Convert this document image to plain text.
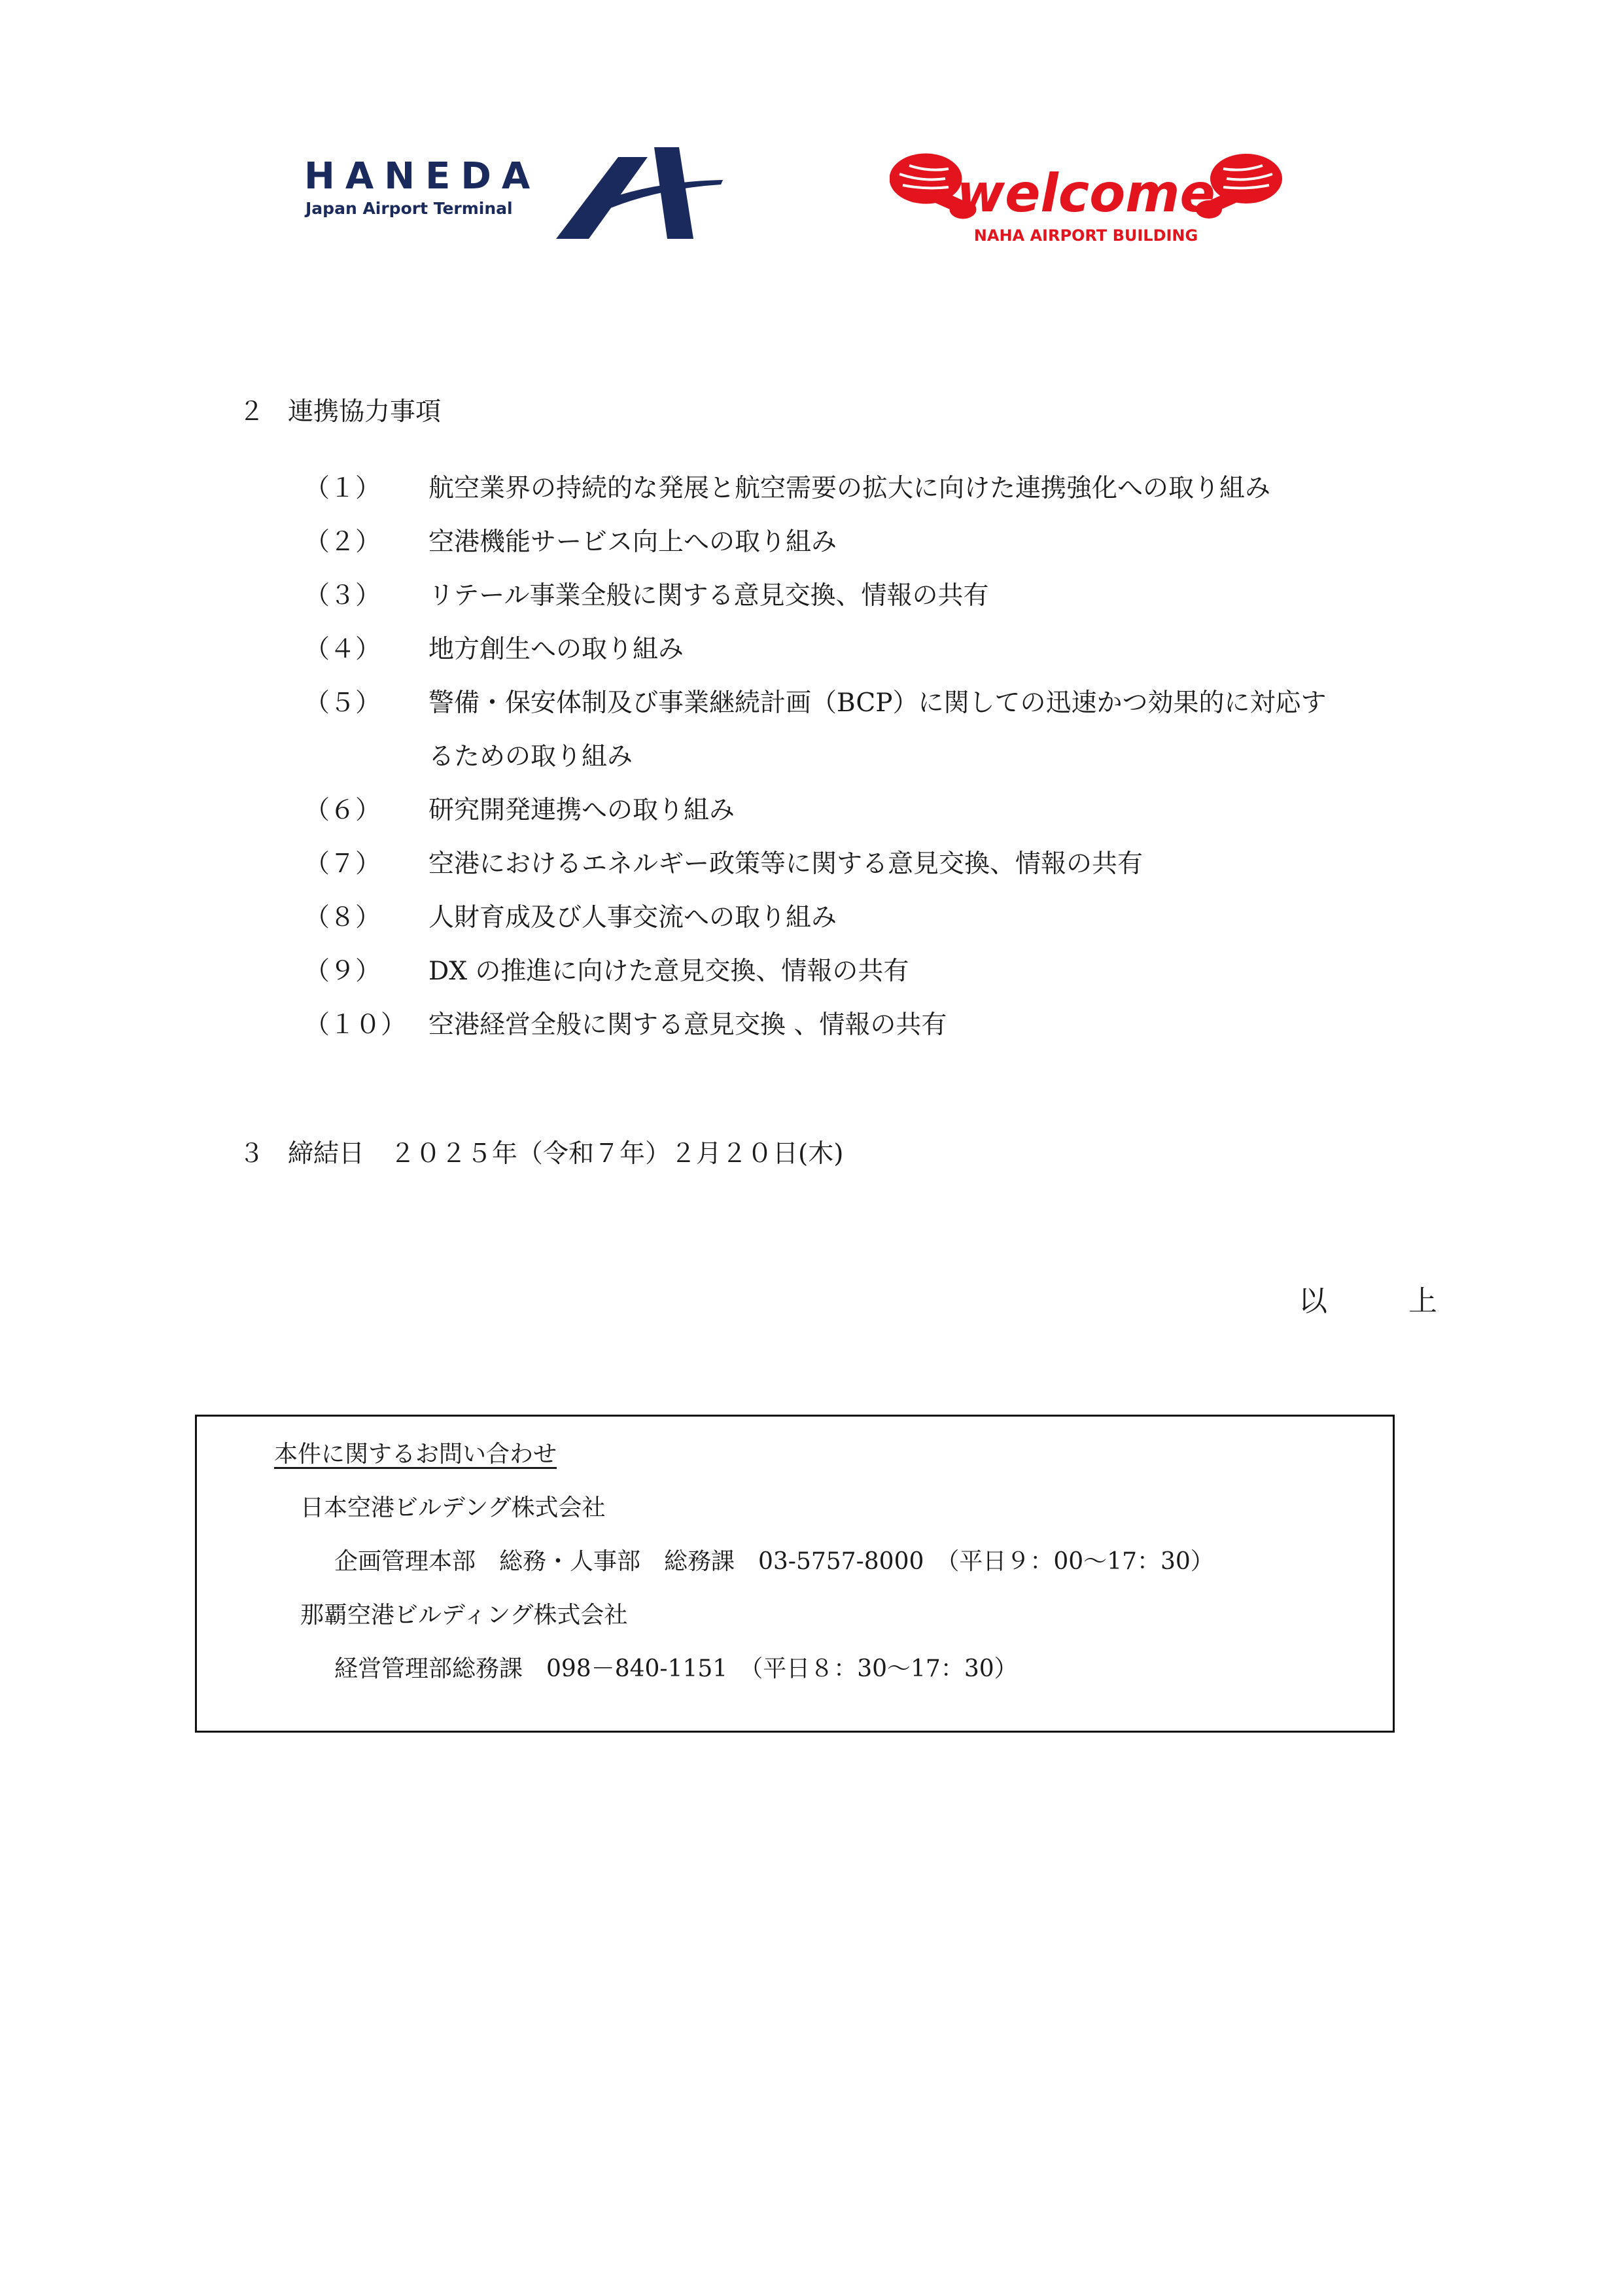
HANEDA
Japan Airport Terminal	welcome
NAHA AIRPORT BUILDING
２ 連携協力事項
（１） 航空業界の持続的な発展と航空需要の拡大に向けた連携強化への取り組み
（２） 空港機能サービス向上への取り組み
（３） リテール事業全般に関する意見交換、情報の共有
（４） 地方創生への取り組み
（５） 警備・保安体制及び事業継続計画（BCP）に関しての迅速かつ効果的に対応す
るための取り組み
（６） 研究開発連携への取り組み
（７） 空港におけるエネルギー政策等に関する意見交換、情報の共有
（８） 人財育成及び人事交流への取り組み
（９） DX の推進に向けた意見交換、情報の共有
（１０） 空港経営全般に関する意見交換 、情報の共有
３ 締結日　２０２５年（令和７年）２月２０日(木)
以　上
本件に関するお問い合わせ
日本空港ビルデング株式会社
企画管理本部　総務・人事部　総務課　03-5757-8000　（平日９：00〜17：30）
那覇空港ビルディング株式会社
経営管理部総務課　098－840-1151　（平日８：30〜17：30）
